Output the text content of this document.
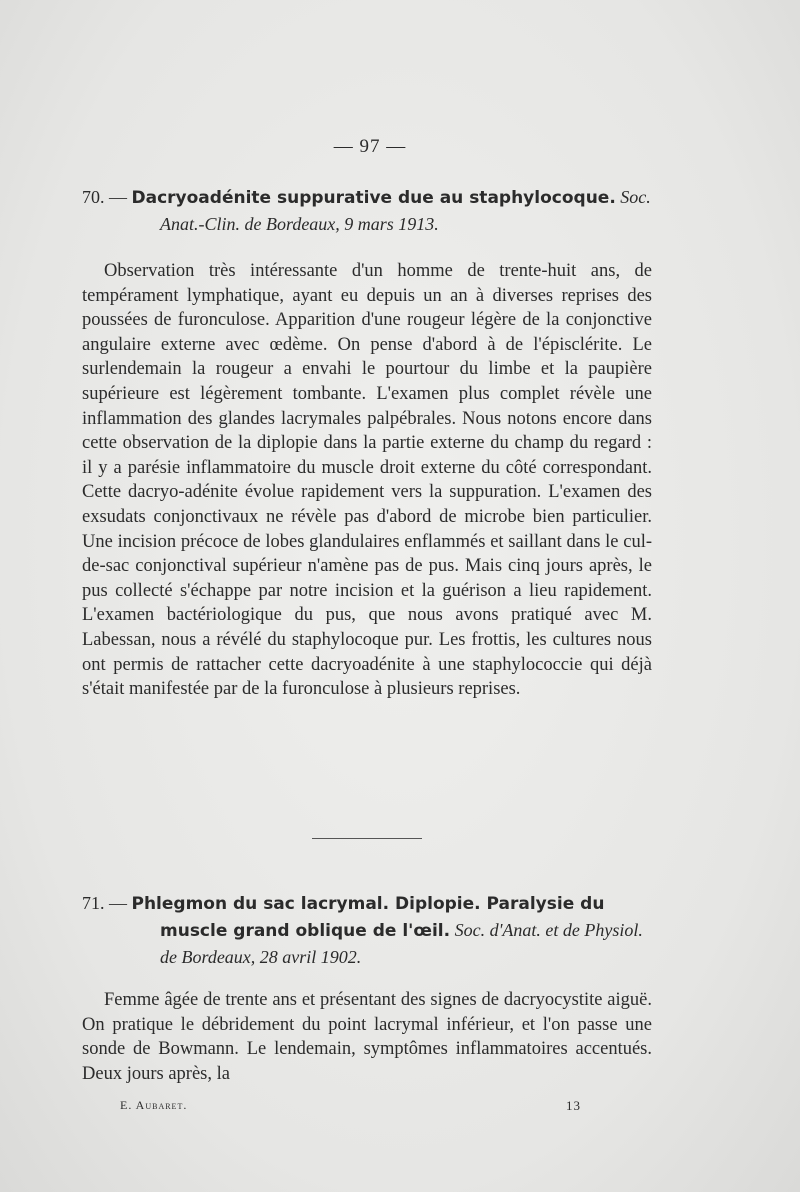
— 97 —
70. — Dacryoadénite suppurative due au staphylocoque. Soc.
Anat.-Clin. de Bordeaux, 9 mars 1913.

Observation très intéressante d'un homme de trente-huit ans, de tempérament lymphatique, ayant eu depuis un an à diverses reprises des poussées de furonculose. Apparition d'une rougeur légère de la conjonctive angulaire externe avec œdème. On pense d'abord à de l'épisclérite. Le surlendemain la rougeur a envahi le pourtour du limbe et la paupière supérieure est légèrement tombante. L'examen plus complet révèle une inflammation des glandes lacrymales palpébrales. Nous notons encore dans cette observation de la diplopie dans la partie externe du champ du regard : il y a parésie inflammatoire du muscle droit externe du côté correspondant. Cette dacryo-adénite évolue rapidement vers la suppuration. L'examen des exsudats conjonctivaux ne révèle pas d'abord de microbe bien particulier. Une incision précoce de lobes glandulaires enflammés et saillant dans le cul-de-sac conjonctival supérieur n'amène pas de pus. Mais cinq jours après, le pus collecté s'échappe par notre incision et la guérison a lieu rapidement. L'examen bactériologique du pus, que nous avons pratiqué avec M. Labessan, nous a révélé du staphylocoque pur. Les frottis, les cultures nous ont permis de rattacher cette dacryoadénite à une staphylococcie qui déjà s'était manifestée par de la furonculose à plusieurs reprises.

71. — Phlegmon du sac lacrymal. Diplopie. Paralysie du
muscle grand oblique de l'œil. Soc. d'Anat. et de Physiol.
de Bordeaux, 28 avril 1902.

Femme âgée de trente ans et présentant des signes de dacryocystite aiguë. On pratique le débridement du point lacrymal inférieur, et l'on passe une sonde de Bowmann. Le lendemain, symptômes inflammatoires accentués. Deux jours après, la

E. Aubaret.	13
